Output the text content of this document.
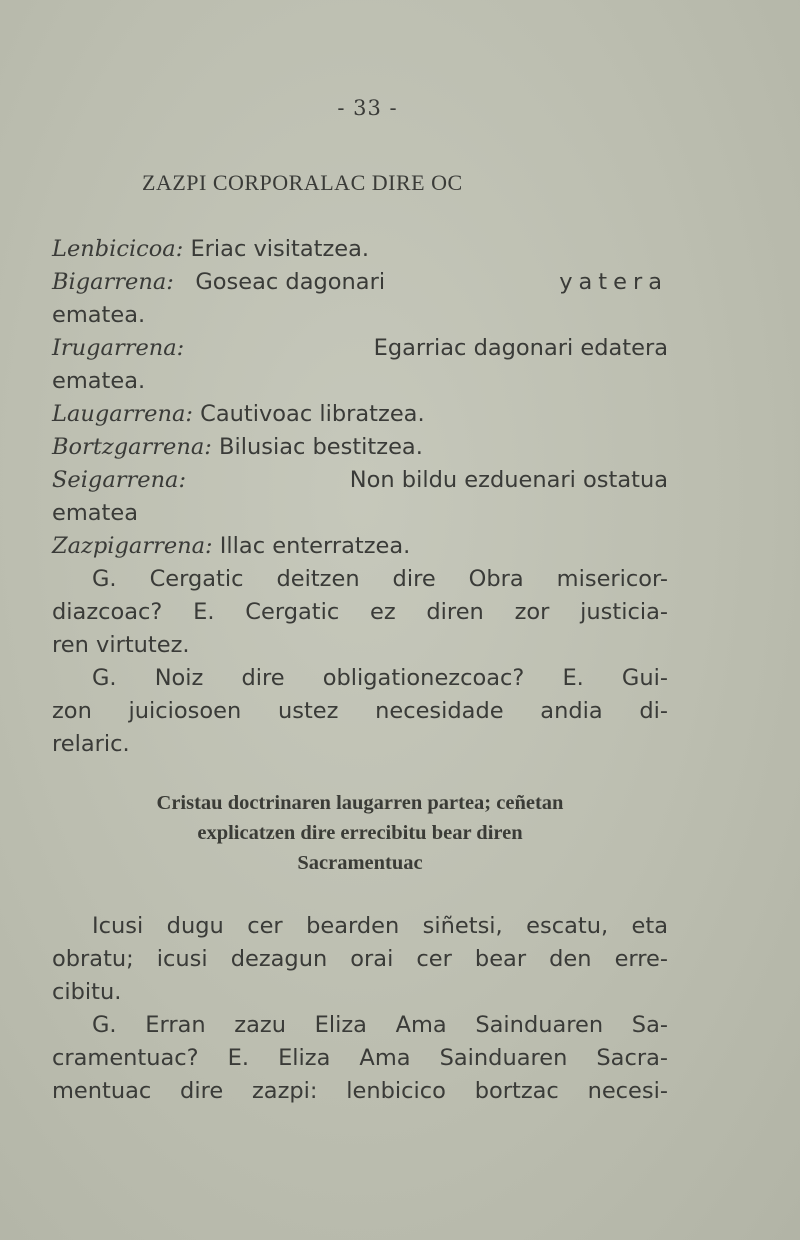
- 33 -
ZAZPI CORPORALAC DIRE OC
Lenbicicoa: Eriac visitatzea.
Bigarrena: Goseac dagonari	yatera
ematea.
Irugarrena:	Egarriac dagonari edatera
ematea.
Laugarrena: Cautivoac libratzea.
Bortzgarrena: Bilusiac bestitzea.
Seigarrena:	Non bildu ezduenari ostatua
ematea
Zazpigarrena: Illac enterratzea.
G. Cergatic deitzen dire Obra misericor-
diazcoac? E. Cergatic ez diren zor justicia-
ren virtutez.
G. Noiz dire obligationezcoac? E. Gui-
zon juiciosoen ustez necesidade andia di-
relaric.
Cristau doctrinaren laugarren partea; ceñetan
explicatzen dire errecibitu bear diren
Sacramentuac
Icusi dugu cer bearden siñetsi, escatu, eta
obratu; icusi dezagun orai cer bear den erre-
cibitu.
G. Erran zazu Eliza Ama Sainduaren Sa-
cramentuac? E. Eliza Ama Sainduaren Sacra-
mentuac dire zazpi: lenbicico bortzac necesi-
